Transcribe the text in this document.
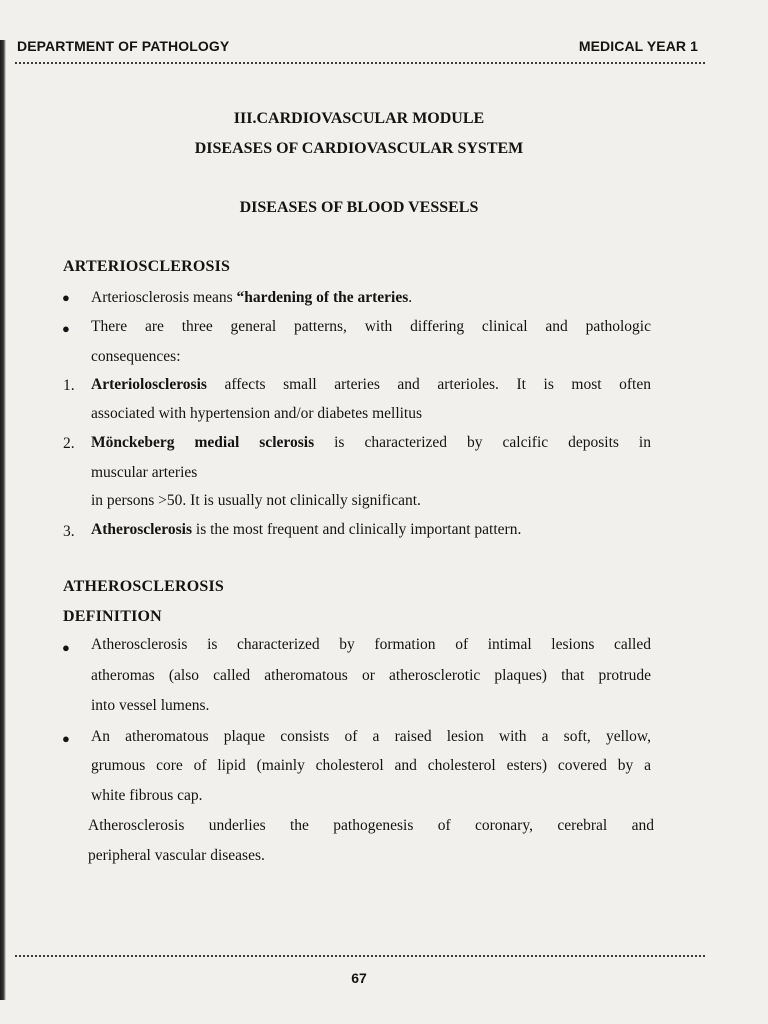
DEPARTMENT OF PATHOLOGY	MEDICAL YEAR 1
III.CARDIOVASCULAR MODULE
DISEASES OF CARDIOVASCULAR SYSTEM
DISEASES OF BLOOD VESSELS
ARTERIOSCLEROSIS
● Arteriosclerosis means “hardening of the arteries.
● There are three general patterns, with differing clinical and pathologic
consequences:
1. Arteriolosclerosis affects small arteries and arterioles. It is most often
associated with hypertension and/or diabetes mellitus
2. Mönckeberg medial sclerosis is characterized by calcific deposits in
muscular arteries
in persons >50. It is usually not clinically significant.
3. Atherosclerosis is the most frequent and clinically important pattern.
ATHEROSCLEROSIS
DEFINITION
● Atherosclerosis is characterized by formation of intimal lesions called
atheromas (also called atheromatous or atherosclerotic plaques) that protrude
into vessel lumens.
● An atheromatous plaque consists of a raised lesion with a soft, yellow,
grumous core of lipid (mainly cholesterol and cholesterol esters) covered by a
white fibrous cap.
Atherosclerosis underlies the pathogenesis of coronary, cerebral and
peripheral vascular diseases.
67
